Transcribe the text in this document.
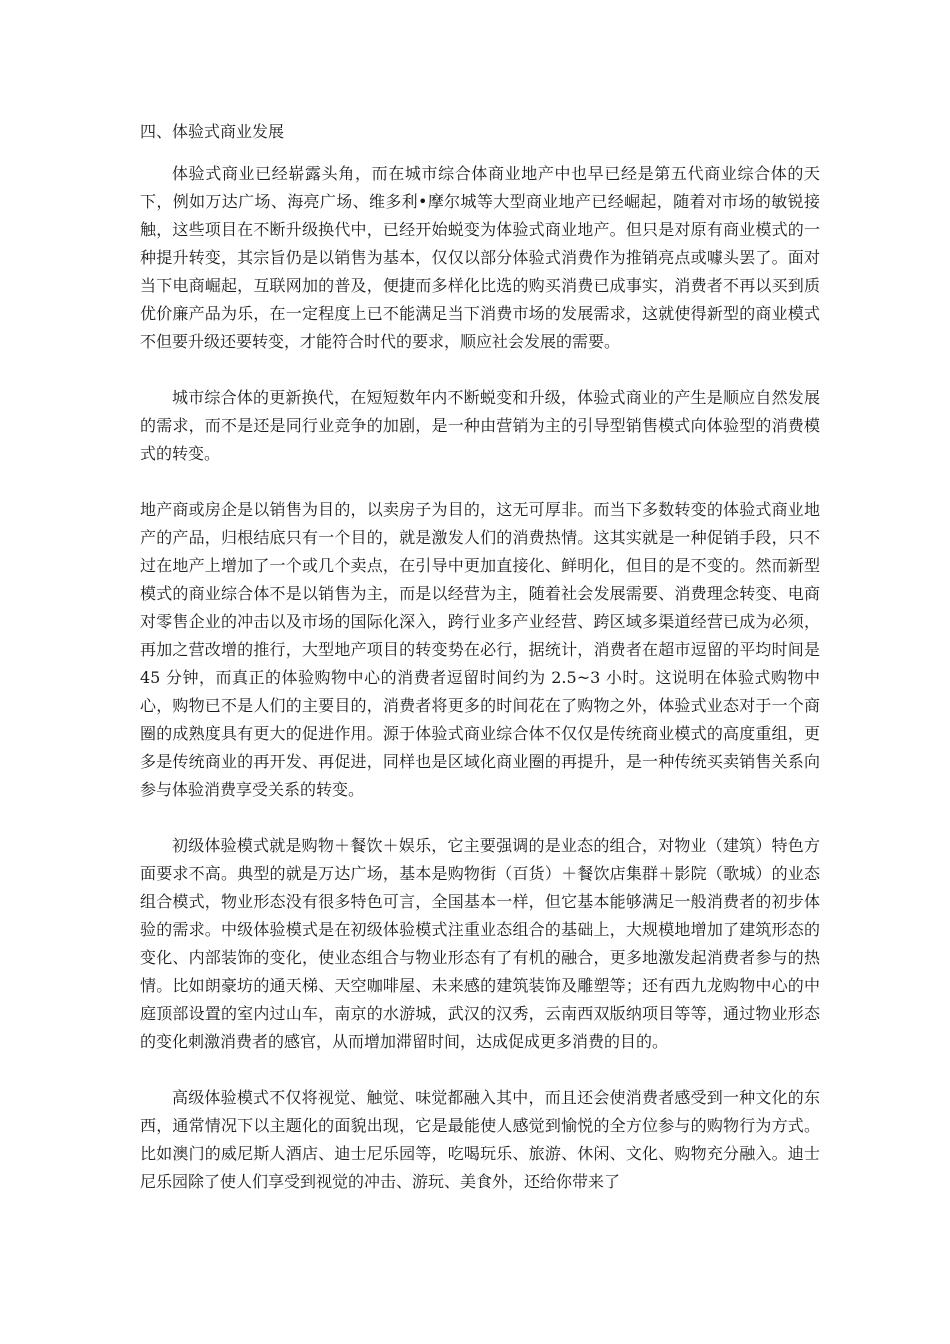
四、体验式商业发展

体验式商业已经崭露头角，而在城市综合体商业地产中也早已经是第五代商业综合体的天下，例如万达广场、海亮广场、维多利•摩尔城等大型商业地产已经崛起，随着对市场的敏锐接触，这些项目在不断升级换代中，已经开始蜕变为体验式商业地产。但只是对原有商业模式的一种提升转变，其宗旨仍是以销售为基本，仅仅以部分体验式消费作为推销亮点或噱头罢了。面对当下电商崛起，互联网加的普及，便捷而多样化比选的购买消费已成事实，消费者不再以买到质优价廉产品为乐，在一定程度上已不能满足当下消费市场的发展需求，这就使得新型的商业模式不但要升级还要转变，才能符合时代的要求，顺应社会发展的需要。

城市综合体的更新换代，在短短数年内不断蜕变和升级，体验式商业的产生是顺应自然发展的需求，而不是还是同行业竞争的加剧，是一种由营销为主的引导型销售模式向体验型的消费模式的转变。

地产商或房企是以销售为目的，以卖房子为目的，这无可厚非。而当下多数转变的体验式商业地产的产品，归根结底只有一个目的，就是激发人们的消费热情。这其实就是一种促销手段，只不过在地产上增加了一个或几个卖点，在引导中更加直接化、鲜明化，但目的是不变的。然而新型模式的商业综合体不是以销售为主，而是以经营为主，随着社会发展需要、消费理念转变、电商对零售企业的冲击以及市场的国际化深入，跨行业多产业经营、跨区域多渠道经营已成为必须，再加之营改增的推行，大型地产项目的转变势在必行，据统计，消费者在超市逗留的平均时间是 45 分钟，而真正的体验购物中心的消费者逗留时间约为 2.5~3 小时。这说明在体验式购物中心，购物已不是人们的主要目的，消费者将更多的时间花在了购物之外，体验式业态对于一个商圈的成熟度具有更大的促进作用。源于体验式商业综合体不仅仅是传统商业模式的高度重组，更多是传统商业的再开发、再促进，同样也是区域化商业圈的再提升，是一种传统买卖销售关系向参与体验消费享受关系的转变。

初级体验模式就是购物＋餐饮＋娱乐，它主要强调的是业态的组合，对物业（建筑）特色方面要求不高。典型的就是万达广场，基本是购物街（百货）＋餐饮店集群＋影院（歌城）的业态组合模式，物业形态没有很多特色可言，全国基本一样，但它基本能够满足一般消费者的初步体验的需求。中级体验模式是在初级体验模式注重业态组合的基础上，大规模地增加了建筑形态的变化、内部装饰的变化，使业态组合与物业形态有了有机的融合，更多地激发起消费者参与的热情。比如朗豪坊的通天梯、天空咖啡屋、未来感的建筑装饰及雕塑等；还有西九龙购物中心的中庭顶部设置的室内过山车，南京的水游城，武汉的汉秀，云南西双版纳项目等等，通过物业形态的变化刺激消费者的感官，从而增加滞留时间，达成促成更多消费的目的。

高级体验模式不仅将视觉、触觉、味觉都融入其中，而且还会使消费者感受到一种文化的东西，通常情况下以主题化的面貌出现，它是最能使人感觉到愉悦的全方位参与的购物行为方式。比如澳门的威尼斯人酒店、迪士尼乐园等，吃喝玩乐、旅游、休闲、文化、购物充分融入。迪士尼乐园除了使人们享受到视觉的冲击、游玩、美食外，还给你带来了
